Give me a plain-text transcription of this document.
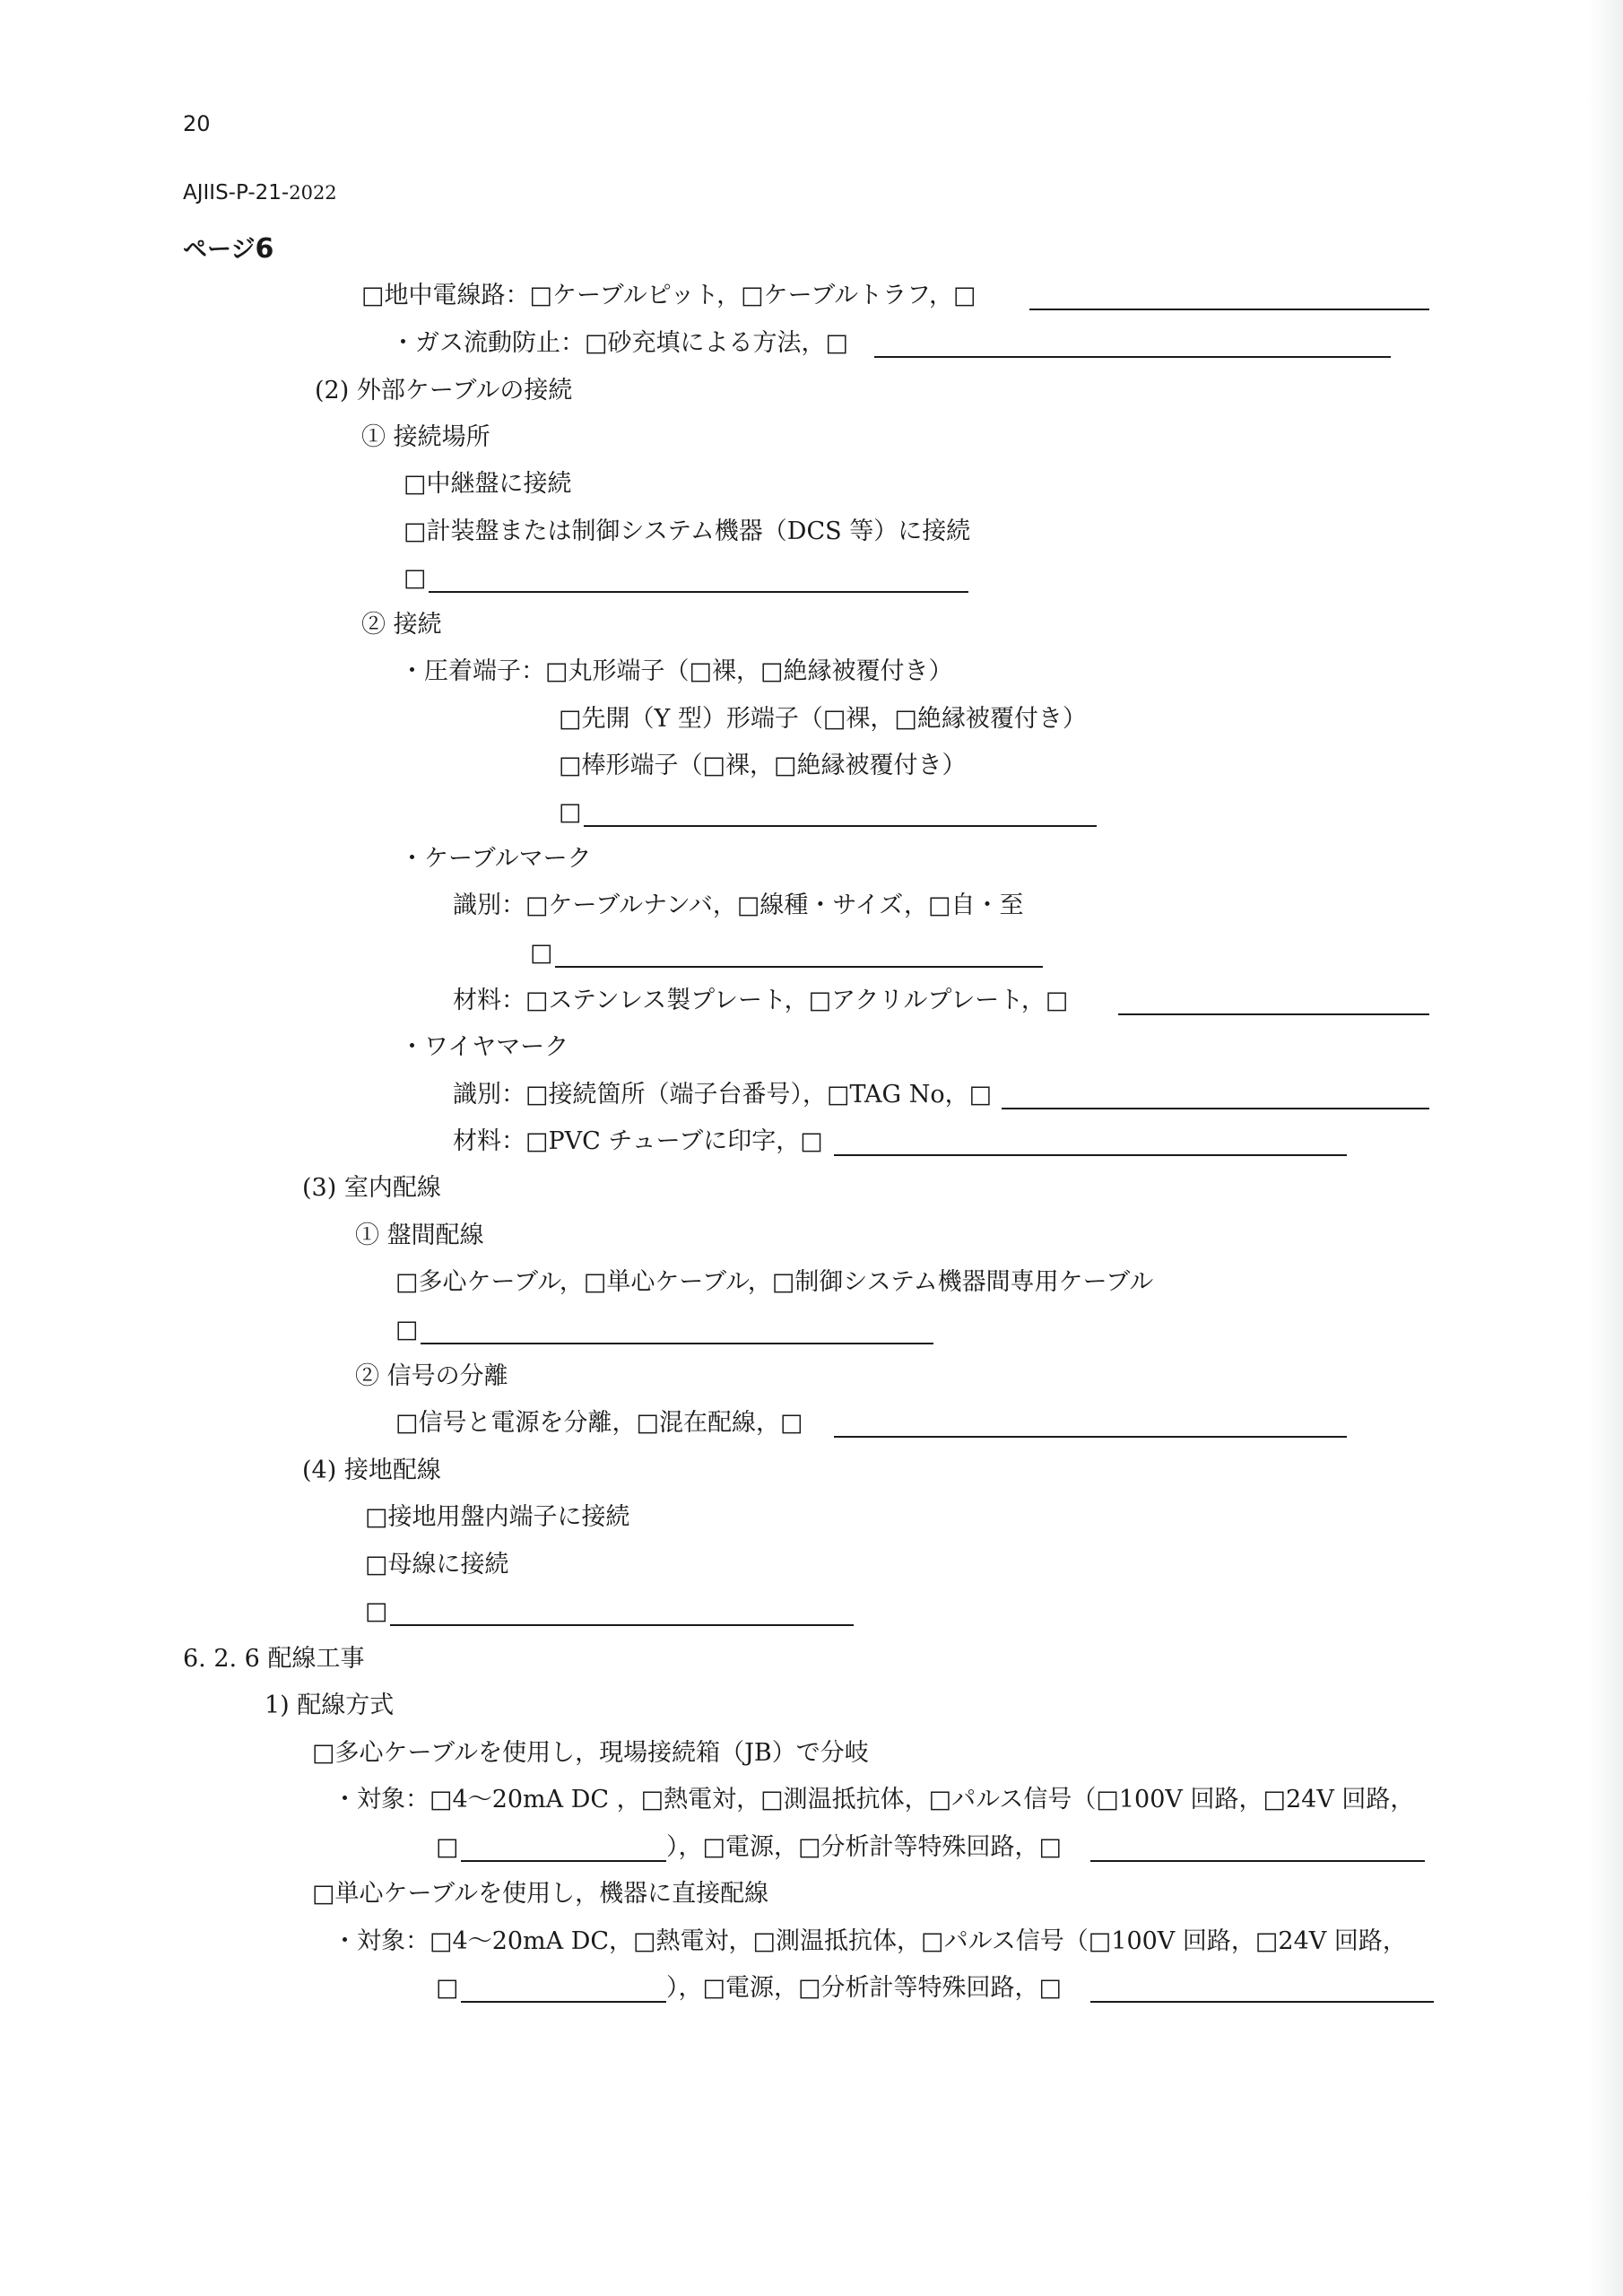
20
AJIIS-P-21-2022
ページ6
□地中電線路：□ケーブルピット，□ケーブルトラフ，□
・ガス流動防止：□砂充填による方法，□
(2) 外部ケーブルの接続
① 接続場所
□中継盤に接続
□計装盤または制御システム機器（DCS 等）に接続
□
② 接続
・圧着端子：□丸形端子（□裸，□絶縁被覆付き）
□先開（Y 型）形端子（□裸，□絶縁被覆付き）
□棒形端子（□裸，□絶縁被覆付き）
□
・ケーブルマーク
識別：□ケーブルナンバ，□線種・サイズ，□自・至
□
材料：□ステンレス製プレート，□アクリルプレート，□
・ワイヤマーク
識別：□接続箇所（端子台番号），□TAG No，□
材料：□PVC チューブに印字，□
(3) 室内配線
① 盤間配線
□多心ケーブル，□単心ケーブル，□制御システム機器間専用ケーブル
□
② 信号の分離
□信号と電源を分離，□混在配線，□
(4) 接地配線
□接地用盤内端子に接続
□母線に接続
□
6. 2. 6 配線工事
1) 配線方式
□多心ケーブルを使用し，現場接続箱（JB）で分岐
・対象：□4～20mA DC ，□熱電対，□測温抵抗体，□パルス信号（□100V 回路，□24V 回路，
□	），□電源，□分析計等特殊回路，□
□単心ケーブルを使用し，機器に直接配線
・対象：□4～20mA DC，□熱電対，□測温抵抗体，□パルス信号（□100V 回路，□24V 回路，
□	），□電源，□分析計等特殊回路，□
